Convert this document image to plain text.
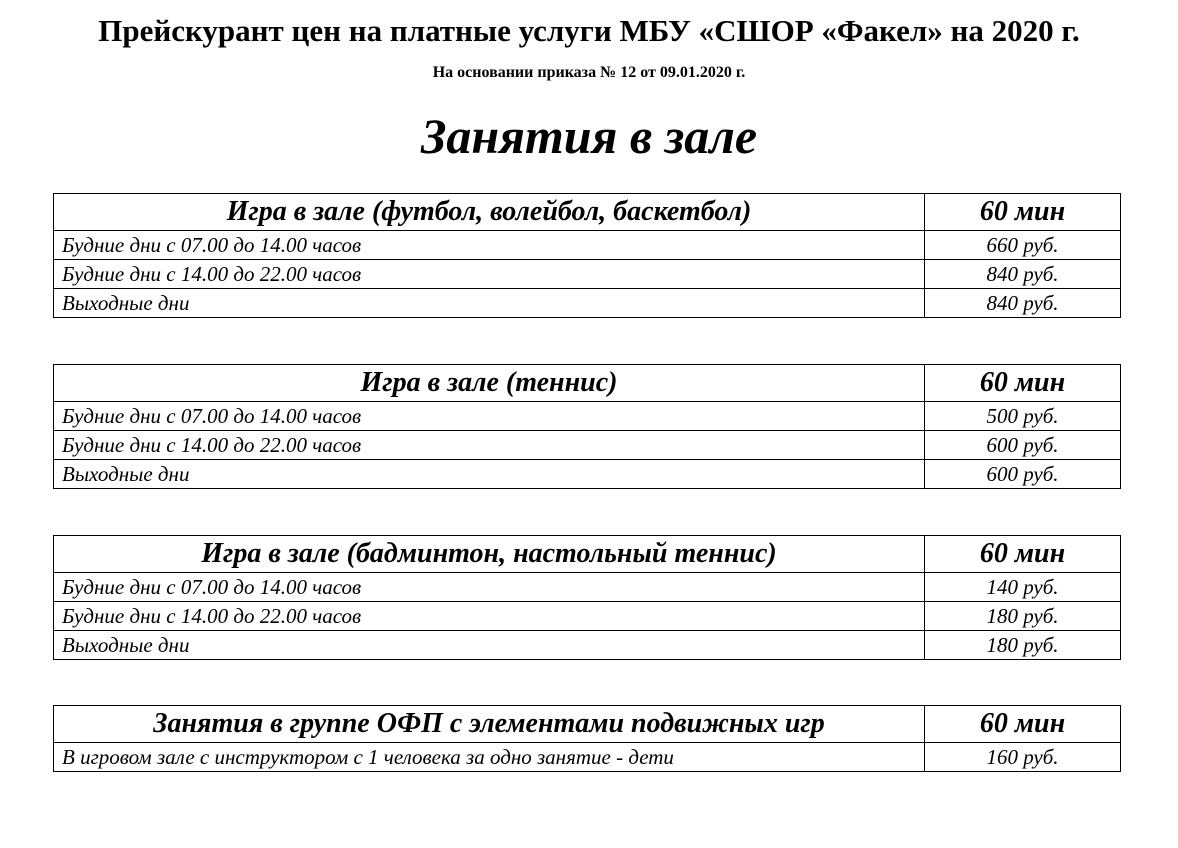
Прейскурант цен на платные услуги МБУ «СШОР «Факел» на 2020 г.
На основании приказа № 12 от 09.01.2020 г.
Занятия в зале
Игра в зале (футбол, волейбол, баскетбол)	60 мин
Будние дни с 07.00 до 14.00 часов	660 руб.
Будние дни с 14.00 до 22.00 часов	840 руб.
Выходные дни	840 руб.
Игра в зале (теннис)	60 мин
Будние дни с 07.00 до 14.00 часов	500 руб.
Будние дни с 14.00 до 22.00 часов	600 руб.
Выходные дни	600 руб.
Игра в зале (бадминтон, настольный теннис)	60 мин
Будние дни с 07.00 до 14.00 часов	140 руб.
Будние дни с 14.00 до 22.00 часов	180 руб.
Выходные дни	180 руб.
Занятия в группе ОФП с элементами подвижных игр	60 мин
В игровом зале с инструктором с 1 человека за одно занятие - дети	160 руб.
